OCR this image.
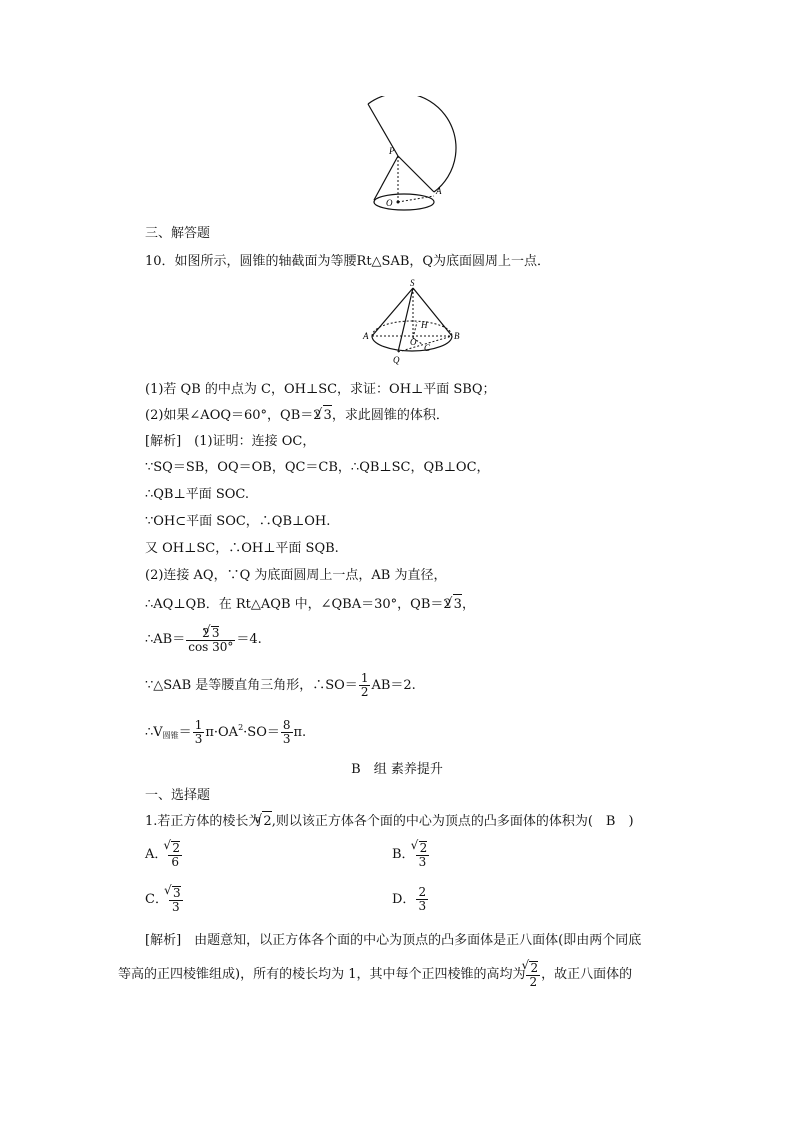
P
O
A
三、解答题
10．如图所示，圆锥的轴截面为等腰Rt△SAB，Q为底面圆周上一点．
S
H
A	B
O
C
Q
(1)若 QB 的中点为 C，OH⊥SC，求证：OH⊥平面 SBQ；
(2)如果∠AOQ＝60°，QB＝2 √ 3，求此圆锥的体积．
[解析]　 (1)证明：连接 OC，
∵SQ＝SB，OQ＝OB，QC＝CB，∴QB⊥SC，QB⊥OC，
∴QB⊥平面 SOC.
∵OH⊂平面 SOC，∴QB⊥OH.
又 OH⊥SC，∴OH⊥平面 SQB.
(2)连接 AQ，∵Q 为底面圆周上一点，AB 为直径，
∴AQ⊥QB．在 Rt△AQB 中，∠QBA＝30°，QB＝2 √ 3，
∴AB＝ $\frac{2 √ 3}{\cos 30^\circ} =4$.
∵△SAB 是等腰直角三角形，∴SO＝ $\frac{1}{2} AB=2$.
$\therefore V_{圆锥}= \frac{1}{3} \pi\cdot OA^2\cdot SO= \frac{8}{3} \pi$.
B　组 素养提升
一、选择题
1.若正方体的棱长为 √ 2,则以该正方体各个面的中心为顶点的凸多面体的体积为(　B　)
A． √ $\frac{2}{6}$	B． √ $\frac{2}{3}$
C． √ $\frac{3}{3}$	D． $\frac{2}{3}$
[解析]　 由题意知，以正方体各个面的中心为顶点的凸多面体是正八面体(即由两个同底
等高的正四棱锥组成)，所有的棱长均为 1，其中每个正四棱锥的高均为 √ $\frac{2}{2}$ ，故正八面体的
